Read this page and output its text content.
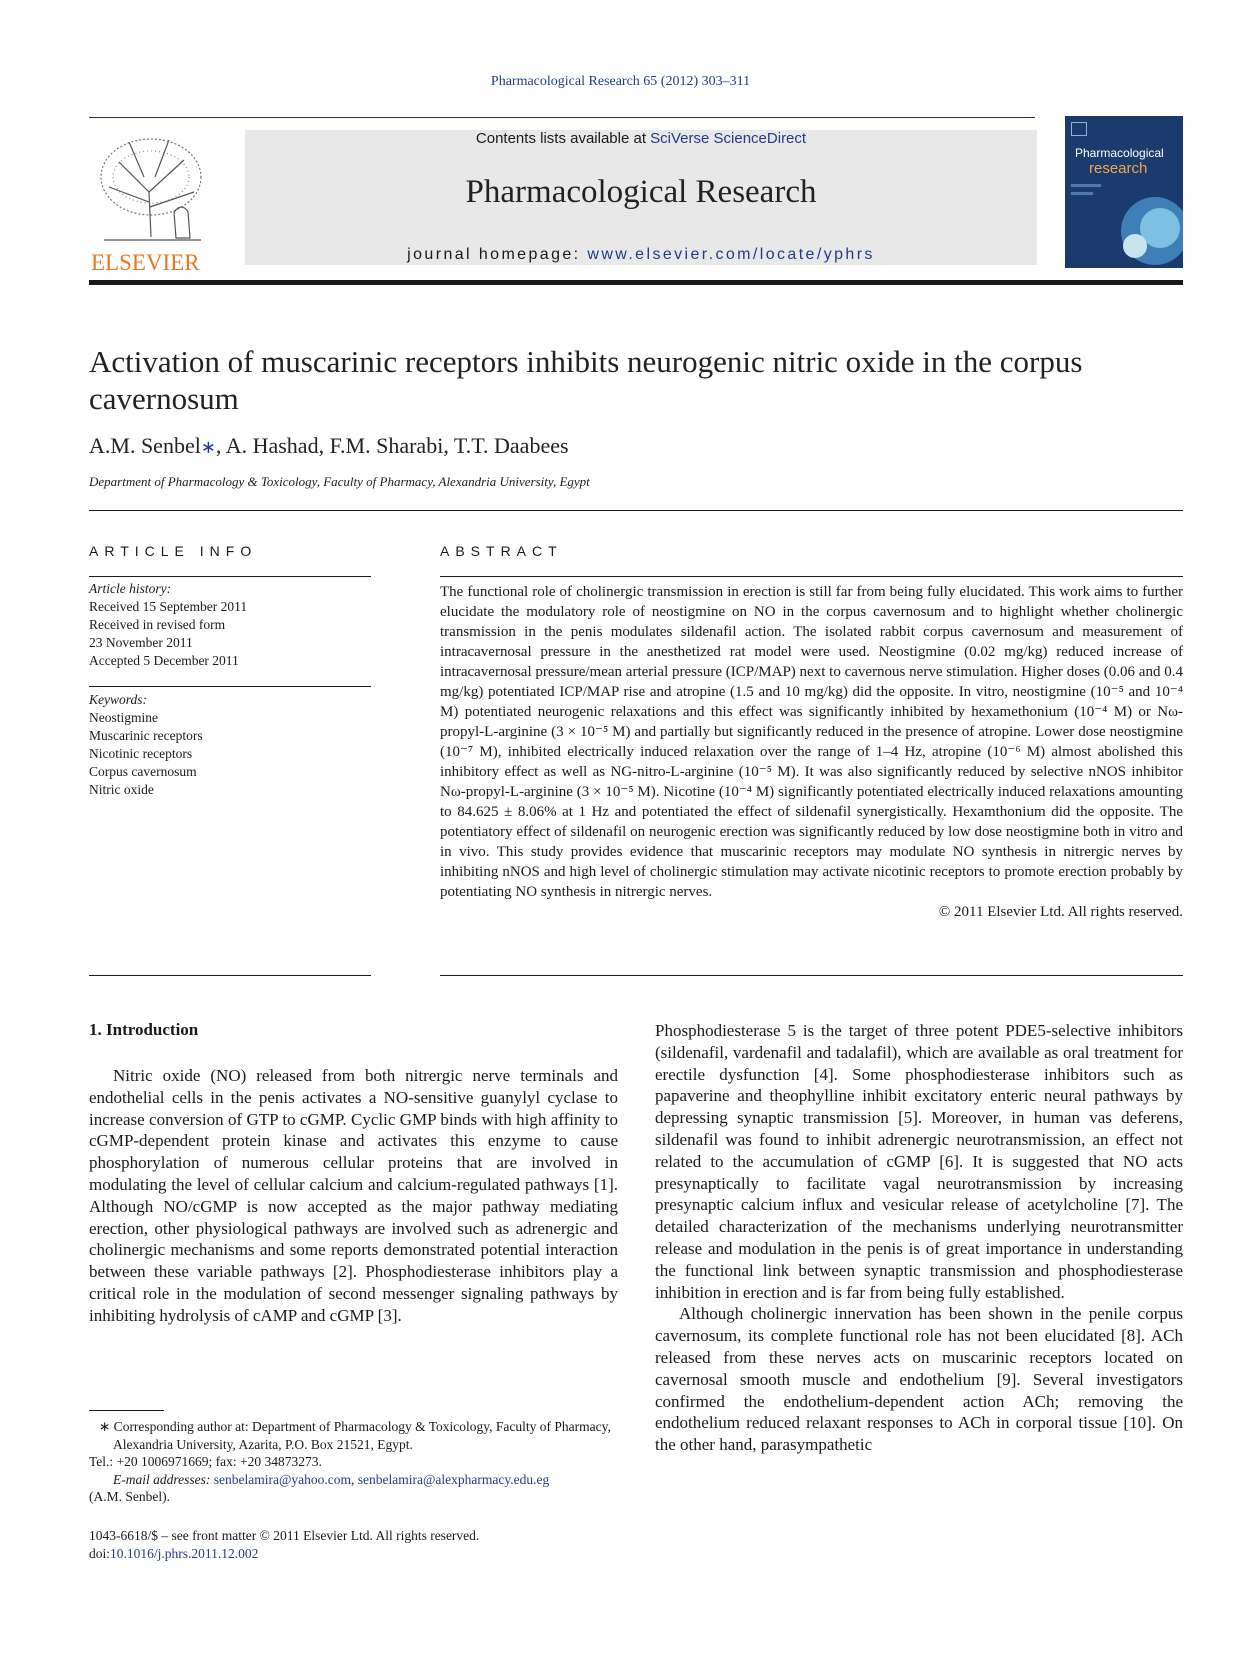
Pharmacological Research 65 (2012) 303–311
ELSEVIER
Contents lists available at SciVerse ScienceDirect
Pharmacological Research
journal homepage: www.elsevier.com/locate/yphrs
Pharmacological
research
Activation of muscarinic receptors inhibits neurogenic nitric oxide in the corpus cavernosum
A.M. Senbel∗, A. Hashad, F.M. Sharabi, T.T. Daabees
Department of Pharmacology & Toxicology, Faculty of Pharmacy, Alexandria University, Egypt
ARTICLE INFO
Article history:
Received 15 September 2011
Received in revised form
23 November 2011
Accepted 5 December 2011
Keywords:
Neostigmine
Muscarinic receptors
Nicotinic receptors
Corpus cavernosum
Nitric oxide
ABSTRACT

The functional role of cholinergic transmission in erection is still far from being fully elucidated. This work aims to further elucidate the modulatory role of neostigmine on NO in the corpus cavernosum and to highlight whether cholinergic transmission in the penis modulates sildenafil action. The isolated rabbit corpus cavernosum and measurement of intracavernosal pressure in the anesthetized rat model were used. Neostigmine (0.02 mg/kg) reduced increase of intracavernosal pressure/mean arterial pressure (ICP/MAP) next to cavernous nerve stimulation. Higher doses (0.06 and 0.4 mg/kg) potentiated ICP/MAP rise and atropine (1.5 and 10 mg/kg) did the opposite. In vitro, neostigmine (10⁻⁵ and 10⁻⁴ M) potentiated neurogenic relaxations and this effect was significantly inhibited by hexamethonium (10⁻⁴ M) or Nω-propyl-L-arginine (3 × 10⁻⁵ M) and partially but significantly reduced in the presence of atropine. Lower dose neostigmine (10⁻⁷ M), inhibited electrically induced relaxation over the range of 1–4 Hz, atropine (10⁻⁶ M) almost abolished this inhibitory effect as well as NG-nitro-L-arginine (10⁻⁵ M). It was also significantly reduced by selective nNOS inhibitor Nω-propyl-L-arginine (3 × 10⁻⁵ M). Nicotine (10⁻⁴ M) significantly potentiated electrically induced relaxations amounting to 84.625 ± 8.06% at 1 Hz and potentiated the effect of sildenafil synergistically. Hexamthonium did the opposite. The potentiatory effect of sildenafil on neurogenic erection was significantly reduced by low dose neostigmine both in vitro and in vivo. This study provides evidence that muscarinic receptors may modulate NO synthesis in nitrergic nerves by inhibiting nNOS and high level of cholinergic stimulation may activate nicotinic receptors to promote erection probably by potentiating NO synthesis in nitrergic nerves.

© 2011 Elsevier Ltd. All rights reserved.
1. Introduction

Nitric oxide (NO) released from both nitrergic nerve terminals and endothelial cells in the penis activates a NO-sensitive guanylyl cyclase to increase conversion of GTP to cGMP. Cyclic GMP binds with high affinity to cGMP-dependent protein kinase and activates this enzyme to cause phosphorylation of numerous cellular proteins that are involved in modulating the level of cellular calcium and calcium-regulated pathways [1]. Although NO/cGMP is now accepted as the major pathway mediating erection, other physiological pathways are involved such as adrenergic and cholinergic mechanisms and some reports demonstrated potential interaction between these variable pathways [2]. Phosphodiesterase inhibitors play a critical role in the modulation of second messenger signaling pathways by inhibiting hydrolysis of cAMP and cGMP [3].

Phosphodiesterase 5 is the target of three potent PDE5-selective inhibitors (sildenafil, vardenafil and tadalafil), which are available as oral treatment for erectile dysfunction [4]. Some phosphodiesterase inhibitors such as papaverine and theophylline inhibit excitatory enteric neural pathways by depressing synaptic transmission [5]. Moreover, in human vas deferens, sildenafil was found to inhibit adrenergic neurotransmission, an effect not related to the accumulation of cGMP [6]. It is suggested that NO acts presynaptically to facilitate vagal neurotransmission by increasing presynaptic calcium influx and vesicular release of acetylcholine [7]. The detailed characterization of the mechanisms underlying neurotransmitter release and modulation in the penis is of great importance in understanding the functional link between synaptic transmission and phosphodiesterase inhibition in erection and is far from being fully established.

Although cholinergic innervation has been shown in the penile corpus cavernosum, its complete functional role has not been elucidated [8]. ACh released from these nerves acts on muscarinic receptors located on cavernosal smooth muscle and endothelium [9]. Several investigators confirmed the endothelium-dependent action ACh; removing the endothelium reduced relaxant responses to ACh in corporal tissue [10]. On the other hand, parasympathetic

∗ Corresponding author at: Department of Pharmacology & Toxicology, Faculty of Pharmacy, Alexandria University, Azarita, P.O. Box 21521, Egypt.
Tel.: +20 1006971669; fax: +20 34873273.
E-mail addresses: senbelamira@yahoo.com, senbelamira@alexpharmacy.edu.eg
(A.M. Senbel).
1043-6618/$ – see front matter © 2011 Elsevier Ltd. All rights reserved.
doi:10.1016/j.phrs.2011.12.002
